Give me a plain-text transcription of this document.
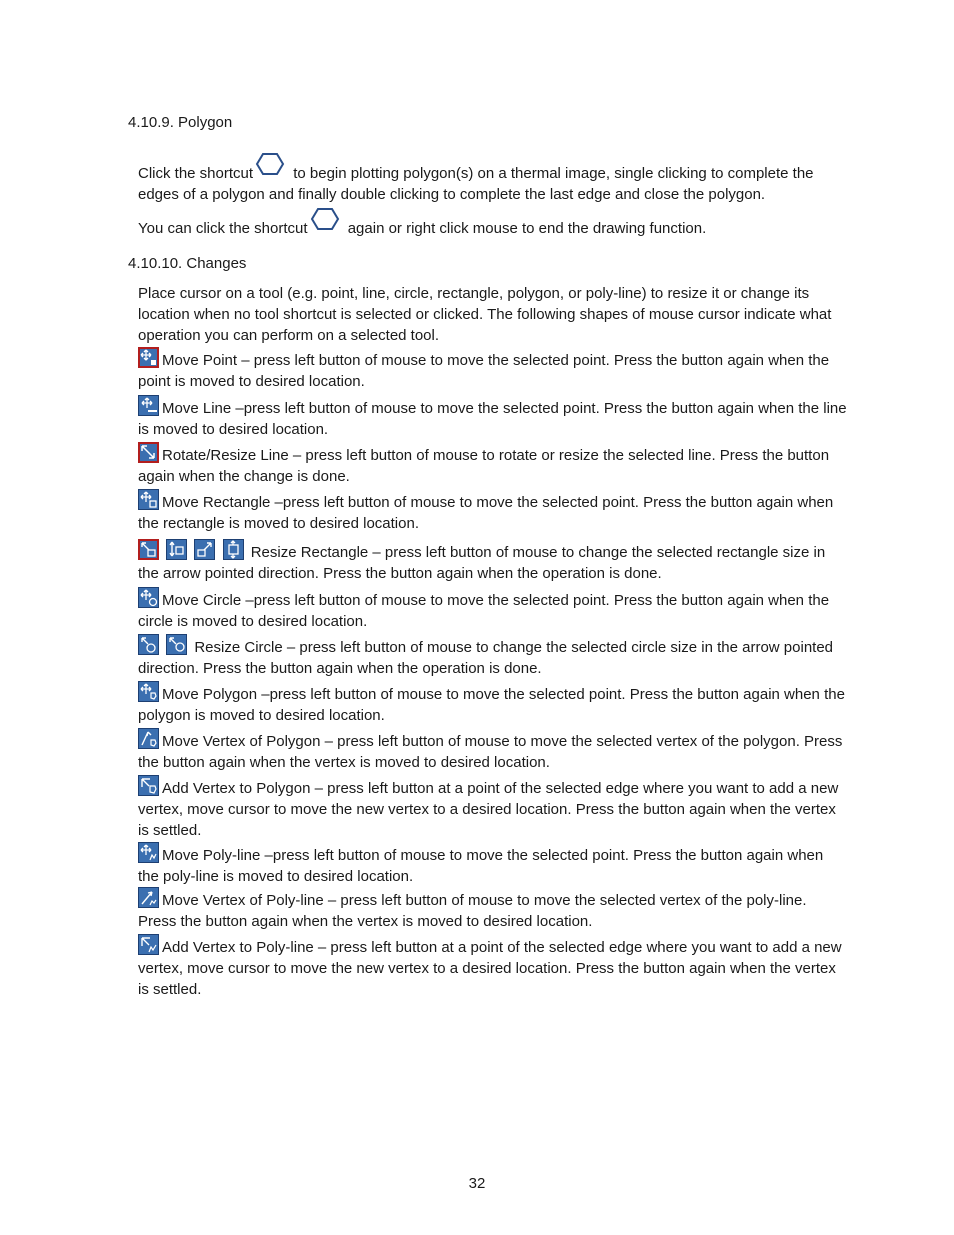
4.10.9. Polygon
Click the shortcut to begin plotting polygon(s) on a thermal image, single clicking to complete the edges of a polygon and finally double clicking to complete the last edge and close the polygon.
You can click the shortcut again or right click mouse to end the drawing function.
4.10.10. Changes
Place cursor on a tool (e.g. point, line, circle, rectangle, polygon, or poly-line) to resize it or change its location when no tool shortcut is selected or clicked. The following shapes of mouse cursor indicate what operation you can perform on a selected tool.
Move Point – press left button of mouse to move the selected point. Press the button again when the point is moved to desired location.
Move Line –press left button of mouse to move the selected point. Press the button again when the line is moved to desired location.
Rotate/Resize Line – press left button of mouse to rotate or resize the selected line. Press the button again when the change is done.
Move Rectangle –press left button of mouse to move the selected point. Press the button again when the rectangle is moved to desired location.

Resize Rectangle – press left button of mouse to change the selected rectangle size in the arrow pointed direction. Press the button again when the operation is done.
Move Circle –press left button of mouse to move the selected point. Press the button again when the circle is moved to desired location.

Resize Circle – press left button of mouse to change the selected circle size in the arrow pointed direction. Press the button again when the operation is done.
Move Polygon –press left button of mouse to move the selected point. Press the button again when the polygon is moved to desired location.
Move Vertex of Polygon – press left button of mouse to move the selected vertex of the polygon. Press the button again when the vertex is moved to desired location.
Add Vertex to Polygon – press left button at a point of the selected edge where you want to add a new vertex, move cursor to move the new vertex to a desired location. Press the button again when the vertex is settled.
Move Poly-line –press left button of mouse to move the selected point. Press the button again when the poly-line is moved to desired location.
Move Vertex of Poly-line – press left button of mouse to move the selected vertex of the poly-line. Press the button again when the vertex is moved to desired location.
Add Vertex to Poly-line – press left button at a point of the selected edge where you want to add a new vertex, move cursor to move the new vertex to a desired location. Press the button again when the vertex is settled.
32
